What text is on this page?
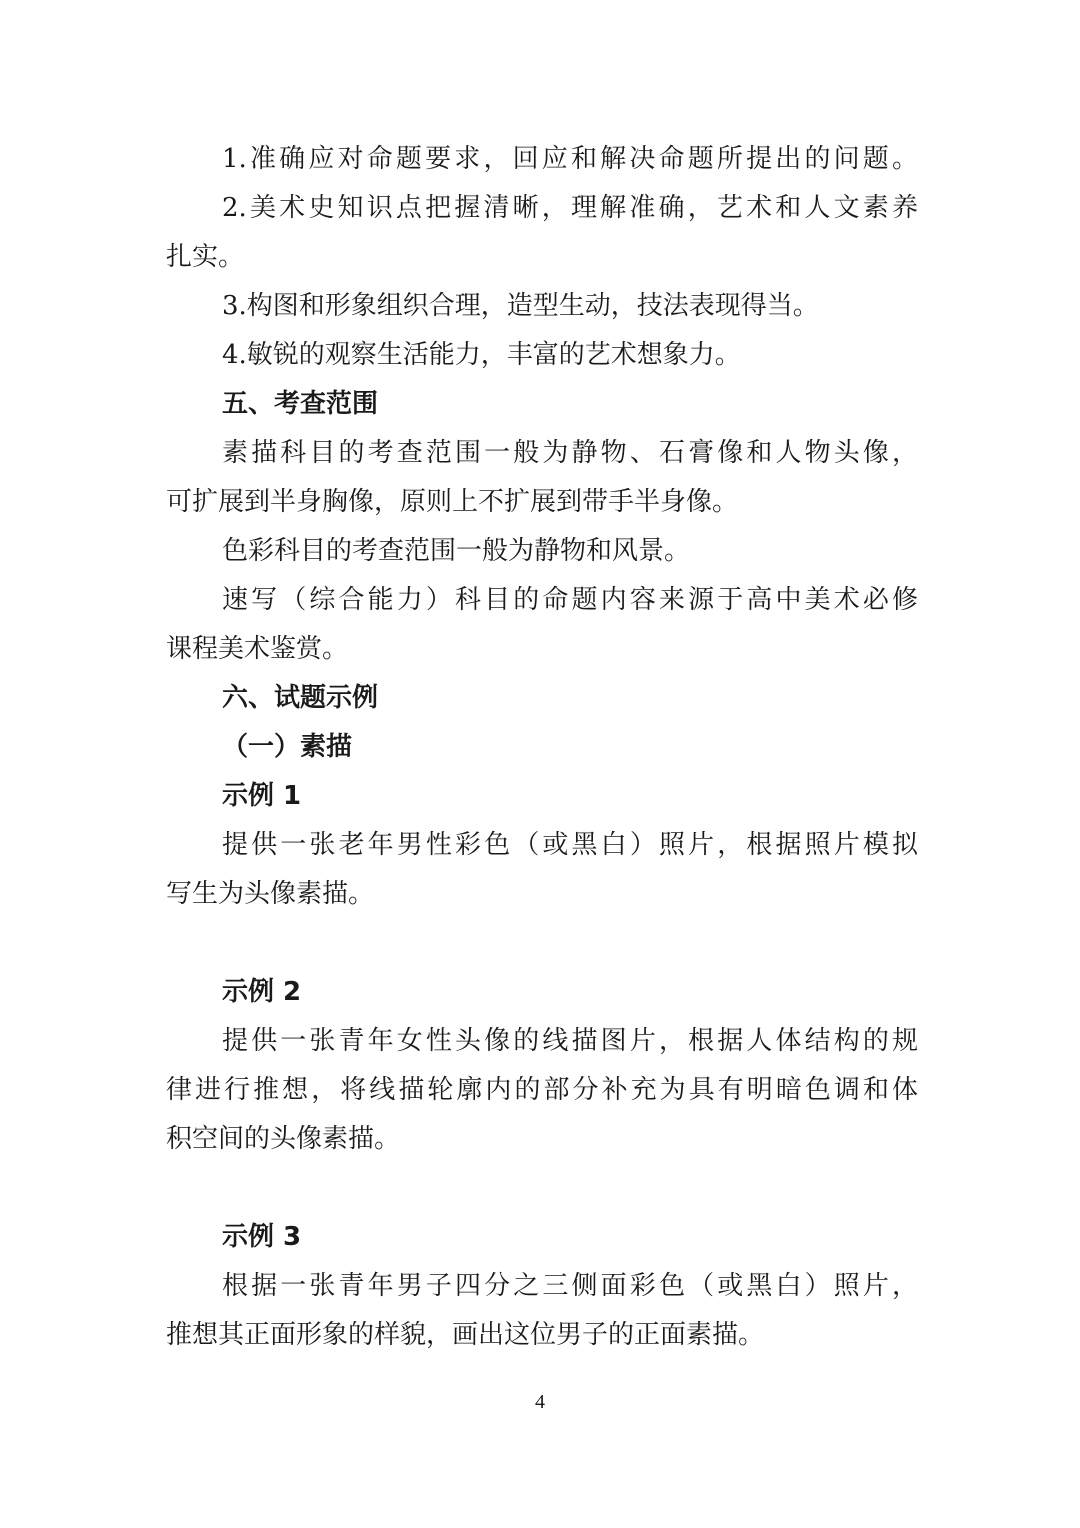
1.准确应对命题要求，回应和解决命题所提出的问题。
2.美术史知识点把握清晰，理解准确，艺术和人文素养
扎实。
3.构图和形象组织合理，造型生动，技法表现得当。
4.敏锐的观察生活能力，丰富的艺术想象力。
五、考查范围
素描科目的考查范围一般为静物、石膏像和人物头像，
可扩展到半身胸像，原则上不扩展到带手半身像。
色彩科目的考查范围一般为静物和风景。
速写（综合能力）科目的命题内容来源于高中美术必修
课程美术鉴赏。
六、试题示例
（一）素描
示例 1
提供一张老年男性彩色（或黑白）照片，根据照片模拟
写生为头像素描。
示例 2
提供一张青年女性头像的线描图片，根据人体结构的规
律进行推想，将线描轮廓内的部分补充为具有明暗色调和体
积空间的头像素描。
示例 3
根据一张青年男子四分之三侧面彩色（或黑白）照片，
推想其正面形象的样貌，画出这位男子的正面素描。
4
